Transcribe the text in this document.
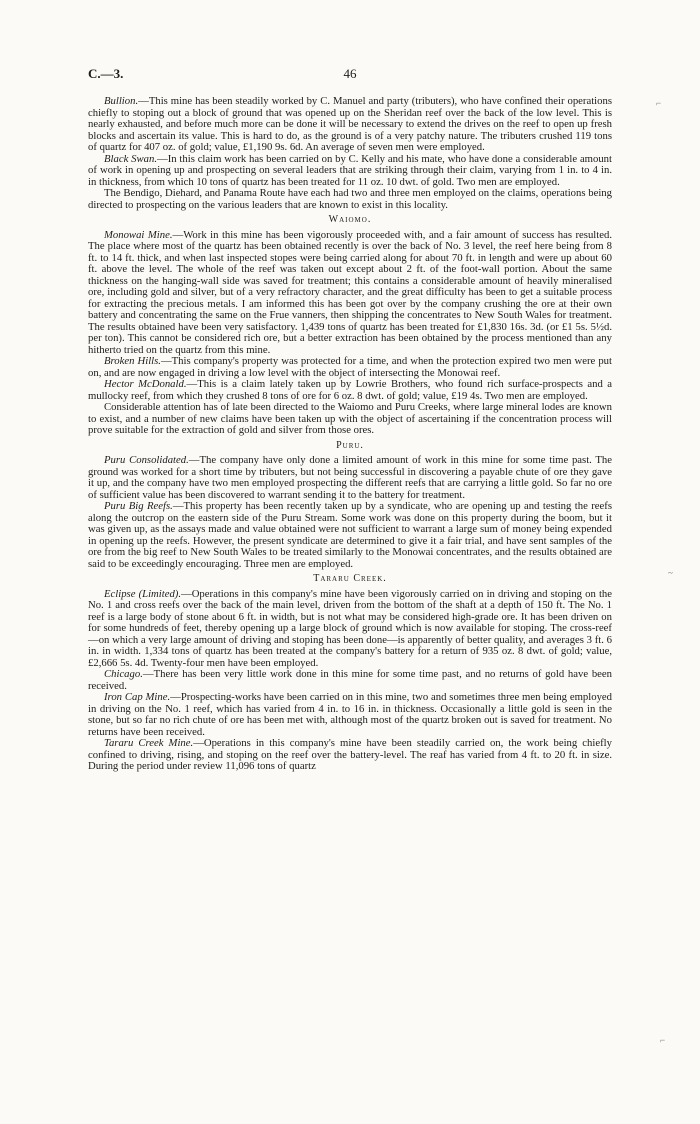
C.—3.	46

Bullion.—This mine has been steadily worked by C. Manuel and party (tributers), who have confined their operations chiefly to stoping out a block of ground that was opened up on the Sheridan reef over the back of the low level. This is nearly exhausted, and before much more can be done it will be necessary to extend the drives on the reef to open up fresh blocks and ascertain its value. This is hard to do, as the ground is of a very patchy nature. The tributers crushed 119 tons of quartz for 407 oz. of gold; value, £1,190 9s. 6d. An average of seven men were employed.

Black Swan.—In this claim work has been carried on by C. Kelly and his mate, who have done a considerable amount of work in opening up and prospecting on several leaders that are striking through their claim, varying from 1 in. to 4 in. in thickness, from which 10 tons of quartz has been treated for 11 oz. 10 dwt. of gold. Two men are employed.

The Bendigo, Diehard, and Panama Route have each had two and three men employed on the claims, operations being directed to prospecting on the various leaders that are known to exist in this locality.

Waiomo.

Monowai Mine.—Work in this mine has been vigorously proceeded with, and a fair amount of success has resulted. The place where most of the quartz has been obtained recently is over the back of No. 3 level, the reef here being from 8 ft. to 14 ft. thick, and when last inspected stopes were being carried along for about 70 ft. in length and were up about 60 ft. above the level. The whole of the reef was taken out except about 2 ft. of the foot-wall portion. About the same thickness on the hanging-wall side was saved for treatment; this contains a considerable amount of heavily mineralised ore, including gold and silver, but of a very refractory character, and the great difficulty has been to get a suitable process for extracting the precious metals. I am informed this has been got over by the company crushing the ore at their own battery and concentrating the same on the Frue vanners, then shipping the concentrates to New South Wales for treatment. The results obtained have been very satisfactory. 1,439 tons of quartz has been treated for £1,830 16s. 3d. (or £1 5s. 5½d. per ton). This cannot be considered rich ore, but a better extraction has been obtained by the process mentioned than any hitherto tried on the quartz from this mine.

Broken Hills.—This company's property was protected for a time, and when the protection expired two men were put on, and are now engaged in driving a low level with the object of intersecting the Monowai reef.

Hector McDonald.—This is a claim lately taken up by Lowrie Brothers, who found rich surface-prospects and a mullocky reef, from which they crushed 8 tons of ore for 6 oz. 8 dwt. of gold; value, £19 4s. Two men are employed.

Considerable attention has of late been directed to the Waiomo and Puru Creeks, where large mineral lodes are known to exist, and a number of new claims have been taken up with the object of ascertaining if the concentration process will prove suitable for the extraction of gold and silver from those ores.

Puru.

Puru Consolidated.—The company have only done a limited amount of work in this mine for some time past. The ground was worked for a short time by tributers, but not being successful in discovering a payable chute of ore they gave it up, and the company have two men employed prospecting the different reefs that are carrying a little gold. So far no ore of sufficient value has been discovered to warrant sending it to the battery for treatment.

Puru Big Reefs.—This property has been recently taken up by a syndicate, who are opening up and testing the reefs along the outcrop on the eastern side of the Puru Stream. Some work was done on this property during the boom, but it was given up, as the assays made and value obtained were not sufficient to warrant a large sum of money being expended in opening up the reefs. However, the present syndicate are determined to give it a fair trial, and have sent samples of the ore from the big reef to New South Wales to be treated similarly to the Monowai concentrates, and the results obtained are said to be exceedingly encouraging. Three men are employed.

Tararu Creek.

Eclipse (Limited).—Operations in this company's mine have been vigorously carried on in driving and stoping on the No. 1 and cross reefs over the back of the main level, driven from the bottom of the shaft at a depth of 150 ft. The No. 1 reef is a large body of stone about 6 ft. in width, but is not what may be considered high-grade ore. It has been driven on for some hundreds of feet, thereby opening up a large block of ground which is now available for stoping. The cross-reef—on which a very large amount of driving and stoping has been done—is apparently of better quality, and averages 3 ft. 6 in. in width. 1,334 tons of quartz has been treated at the company's battery for a return of 935 oz. 8 dwt. of gold; value, £2,666 5s. 4d. Twenty-four men have been employed.

Chicago.—There has been very little work done in this mine for some time past, and no returns of gold have been received.

Iron Cap Mine.—Prospecting-works have been carried on in this mine, two and sometimes three men being employed in driving on the No. 1 reef, which has varied from 4 in. to 16 in. in thickness. Occasionally a little gold is seen in the stone, but so far no rich chute of ore has been met with, although most of the quartz broken out is saved for treatment. No returns have been received.

Tararu Creek Mine.—Operations in this company's mine have been steadily carried on, the work being chiefly confined to driving, rising, and stoping on the reef over the battery-level. The reaf has varied from 4 ft. to 20 ft. in size. During the period under review 11,096 tons of quartz

⌐
~
⌐
